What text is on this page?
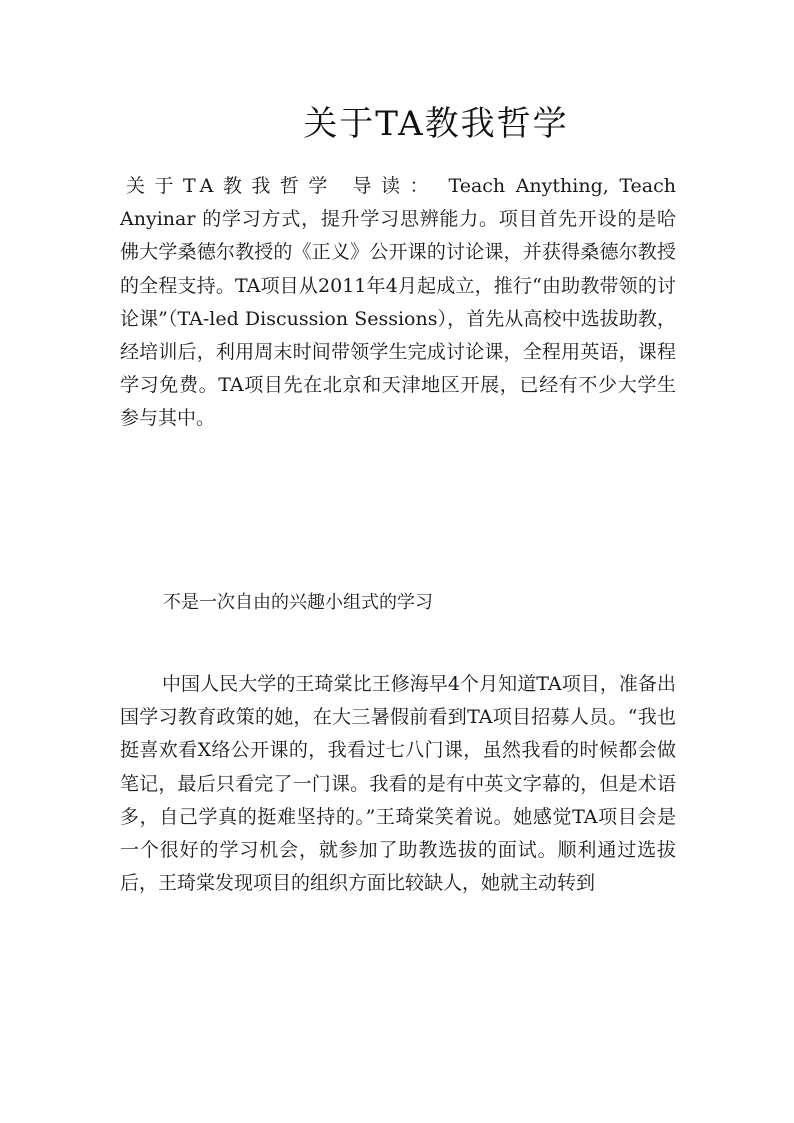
关于TA教我哲学

关于TA教我哲学 导读： Teach Anything, Teach Anyinar 的学习方式，提升学习思辨能力。项目首先开设的是哈佛大学桑德尔教授的《正义》公开课的讨论课，并获得桑德尔教授的全程支持。TA项目从2011年4月起成立，推行“由助教带领的讨论课”（TA-led Discussion Sessions），首先从高校中选拔助教，经培训后，利用周末时间带领学生完成讨论课，全程用英语，课程学习免费。TA项目先在北京和天津地区开展，已经有不少大学生参与其中。

不是一次自由的兴趣小组式的学习

中国人民大学的王琦棠比王修海早4个月知道TA项目，准备出国学习教育政策的她，在大三暑假前看到TA项目招募人员。“我也挺喜欢看X络公开课的，我看过七八门课，虽然我看的时候都会做笔记，最后只看完了一门课。我看的是有中英文字幕的，但是术语多，自己学真的挺难坚持的。”王琦棠笑着说。她感觉TA项目会是一个很好的学习机会，就参加了助教选拔的面试。顺利通过选拔后，王琦棠发现项目的组织方面比较缺人，她就主动转到
